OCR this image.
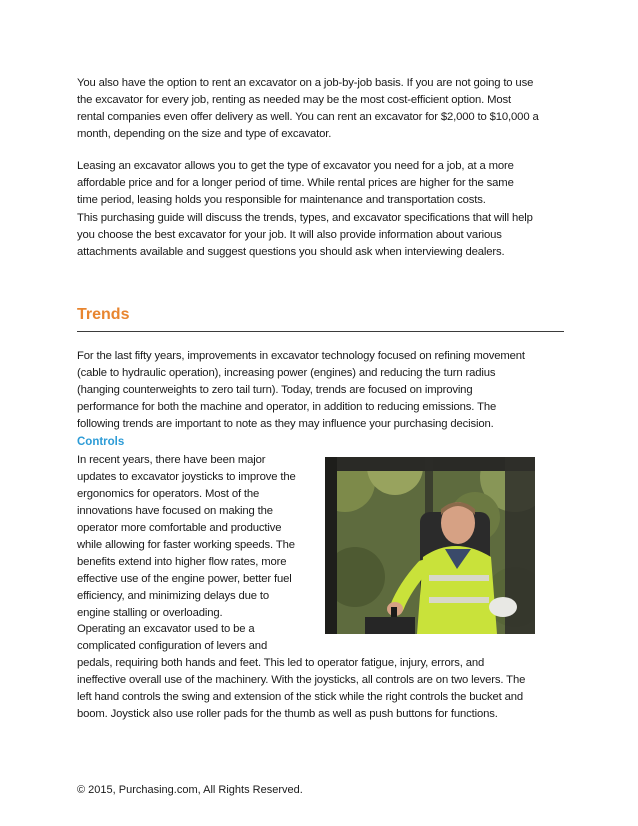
You also have the option to rent an excavator on a job-by-job basis. If you are not going to use
the excavator for every job, renting as needed may be the most cost-efficient option. Most
rental companies even offer delivery as well. You can rent an excavator for $2,000 to $10,000 a
month, depending on the size and type of excavator.
Leasing an excavator allows you to get the type of excavator you need for a job, at a more
affordable price and for a longer period of time. While rental prices are higher for the same
time period, leasing holds you responsible for maintenance and transportation costs.
This purchasing guide will discuss the trends, types, and excavator specifications that will help
you choose the best excavator for your job. It will also provide information about various
attachments available and suggest questions you should ask when interviewing dealers.
Trends
For the last fifty years, improvements in excavator technology focused on refining movement
(cable to hydraulic operation), increasing power (engines) and reducing the turn radius
(hanging counterweights to zero tail turn). Today, trends are focused on improving
performance for both the machine and operator, in addition to reducing emissions. The
following trends are important to note as they may influence your purchasing decision.
Controls
In recent years, there have been major
updates to excavator joysticks to improve the
ergonomics for operators. Most of the
innovations have focused on making the
operator more comfortable and productive
while allowing for faster working speeds. The
benefits extend into higher flow rates, more
effective use of the engine power, better fuel
efficiency, and minimizing delays due to
engine stalling or overloading.
Operating an excavator used to be a
complicated configuration of levers and
pedals, requiring both hands and feet. This led to operator fatigue, injury, errors, and
ineffective overall use of the machinery. With the joysticks, all controls are on two levers. The
left hand controls the swing and extension of the stick while the right controls the bucket and
boom. Joystick also use roller pads for the thumb as well as push buttons for functions.
© 2015, Purchasing.com, All Rights Reserved.
